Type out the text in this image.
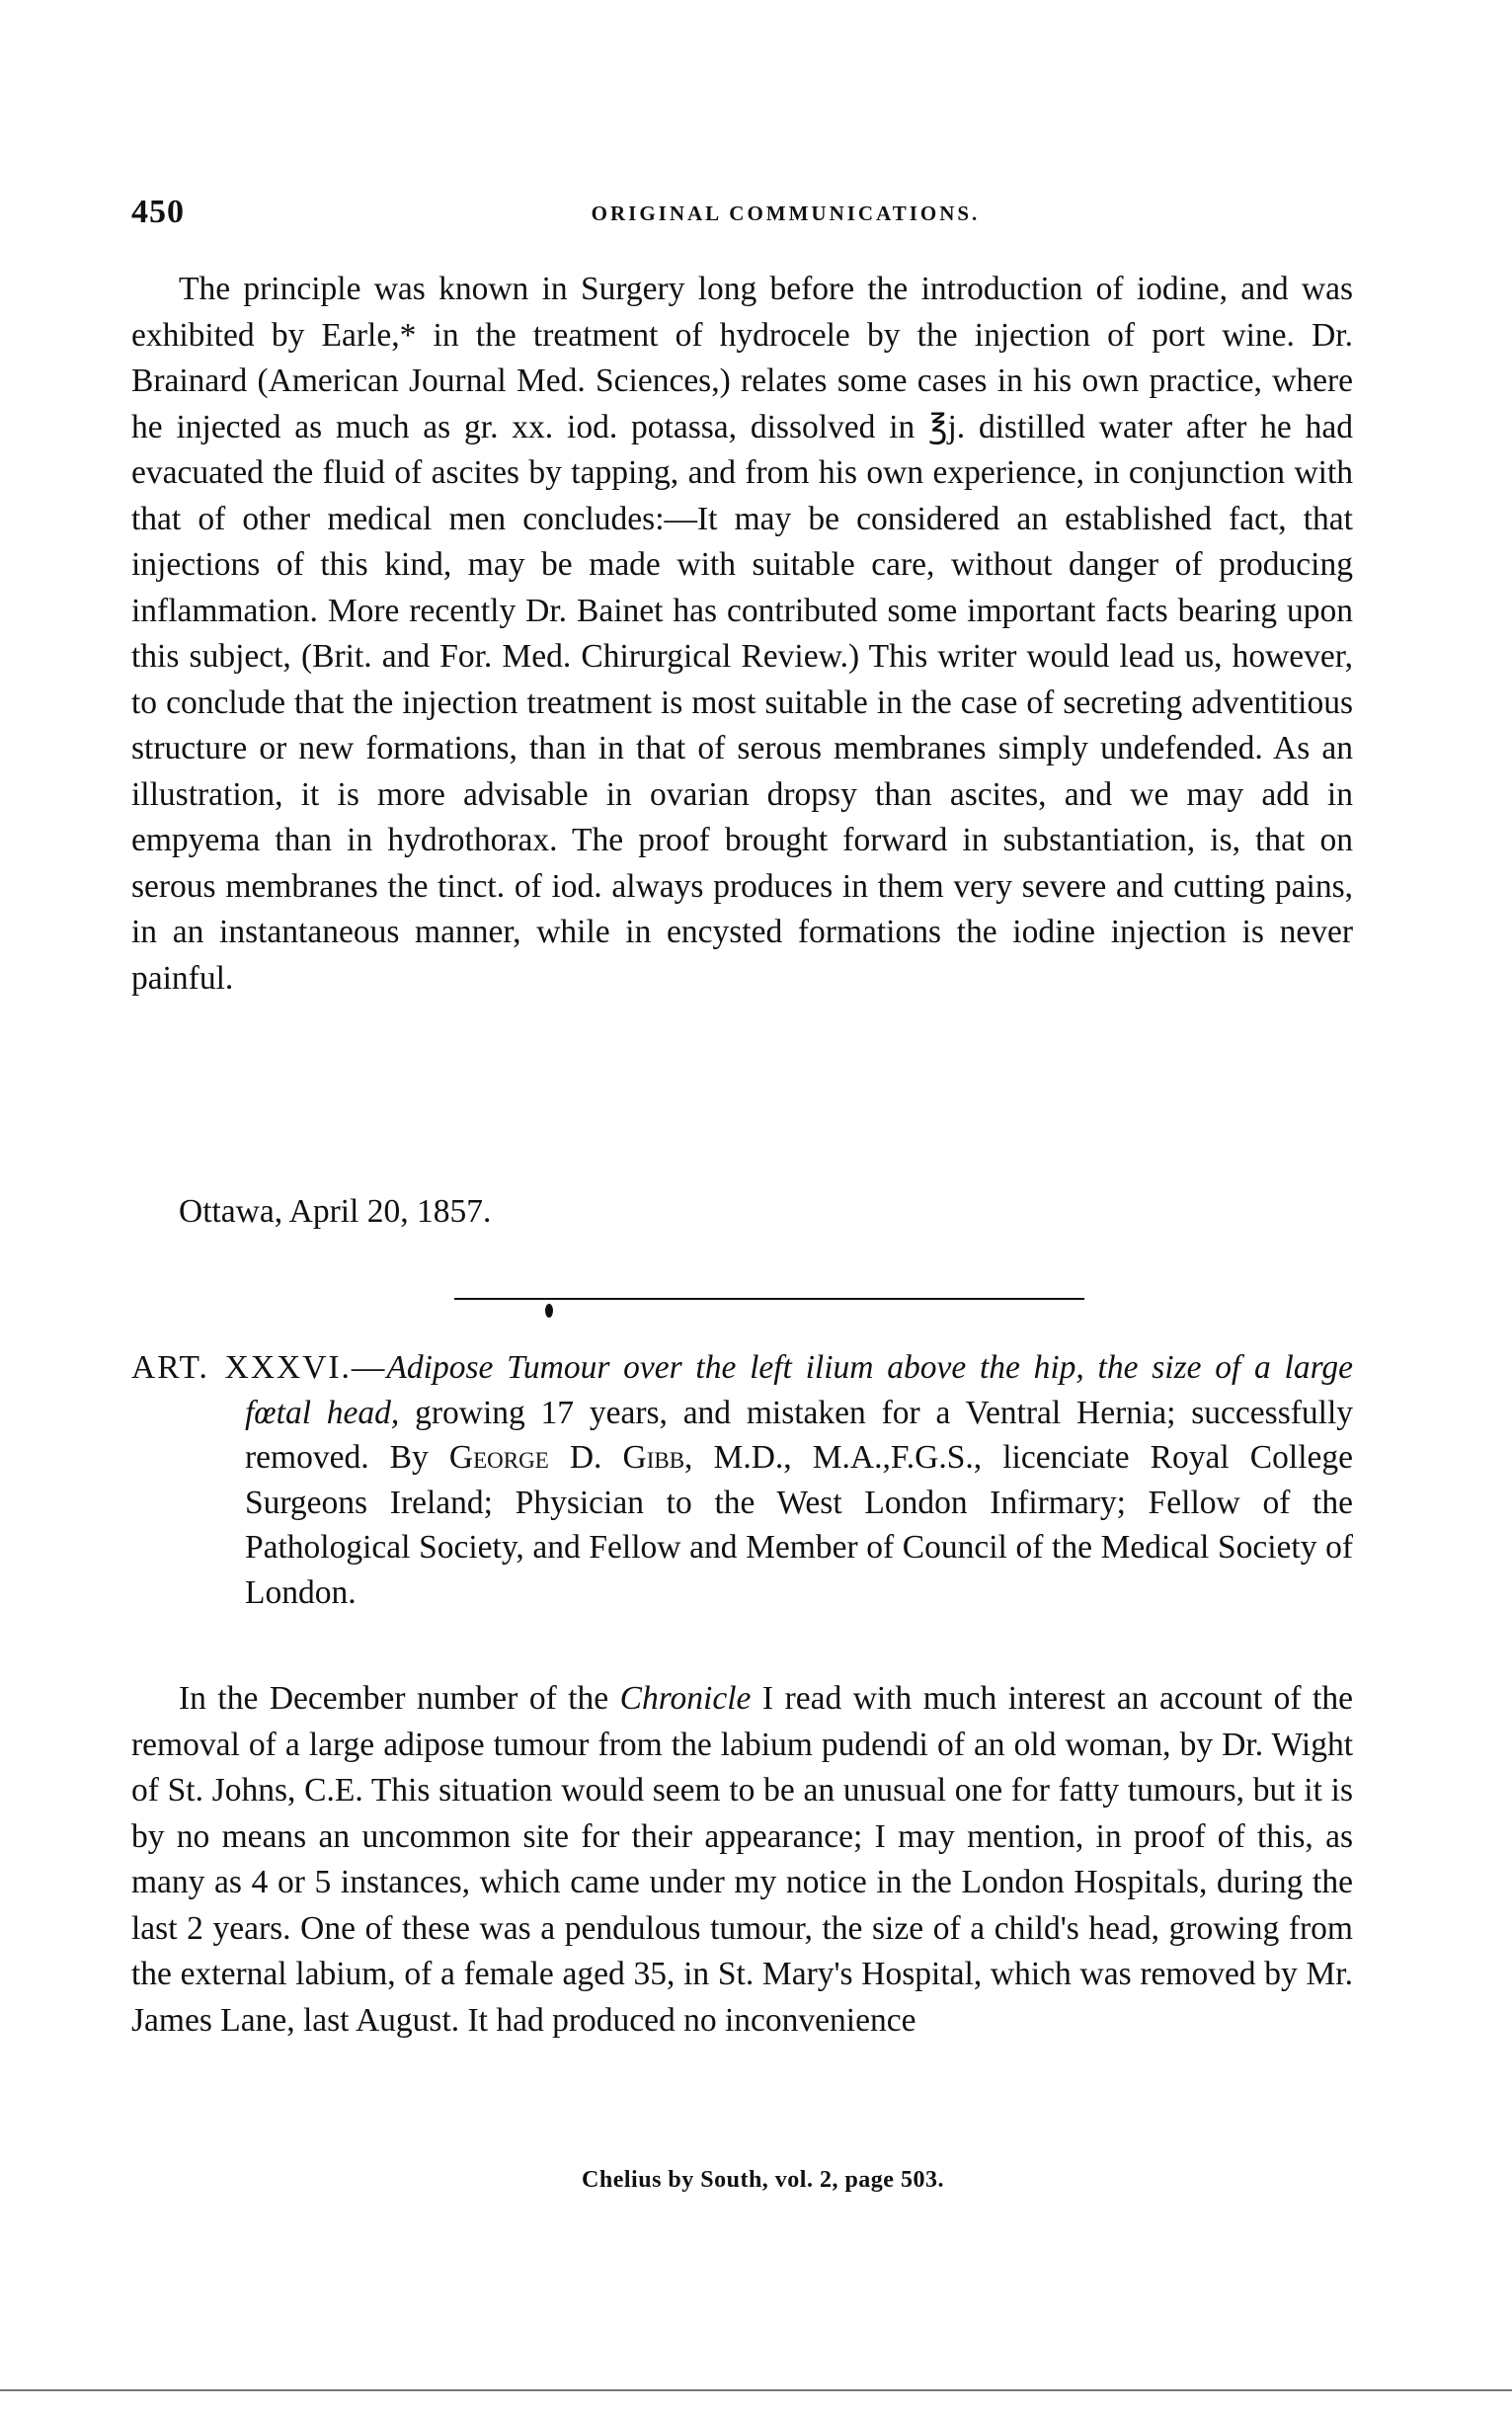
450	ORIGINAL COMMUNICATIONS.

The principle was known in Surgery long before the introduction of iodine, and was exhibited by Earle,* in the treatment of hydrocele by the injection of port wine. Dr. Brainard (American Journal Med. Sciences,) relates some cases in his own practice, where he injected as much as gr. xx. iod. potassa, dissolved in ℥j. distilled water after he had evacuated the fluid of ascites by tapping, and from his own experience, in conjunction with that of other medical men concludes:—It may be considered an established fact, that injections of this kind, may be made with suitable care, without danger of producing inflammation. More recently Dr. Bainet has contributed some important facts bearing upon this subject, (Brit. and For. Med. Chirurgical Review.) This writer would lead us, however, to conclude that the injection treatment is most suitable in the case of secreting adventitious structure or new formations, than in that of serous membranes simply undefended. As an illustration, it is more advisable in ovarian dropsy than ascites, and we may add in empyema than in hydrothorax. The proof brought forward in substantiation, is, that on serous membranes the tinct. of iod. always produces in them very severe and cutting pains, in an instantaneous manner, while in encysted formations the iodine injection is never painful.

Ottawa, April 20, 1857.
ART. XXXVI.—Adipose Tumour over the left ilium above the hip, the size of a large fœtal head, growing 17 years, and mistaken for a Ventral Hernia; successfully removed. By George D. Gibb, M.D., M.A.,F.G.S., licenciate Royal College Surgeons Ireland; Physician to the West London Infirmary; Fellow of the Pathological Society, and Fellow and Member of Council of the Medical Society of London.

In the December number of the Chronicle I read with much interest an account of the removal of a large adipose tumour from the labium pudendi of an old woman, by Dr. Wight of St. Johns, C.E. This situation would seem to be an unusual one for fatty tumours, but it is by no means an uncommon site for their appearance; I may mention, in proof of this, as many as 4 or 5 instances, which came under my notice in the London Hospitals, during the last 2 years. One of these was a pendulous tumour, the size of a child's head, growing from the external labium, of a female aged 35, in St. Mary's Hospital, which was removed by Mr. James Lane, last August. It had produced no inconvenience

Chelius by South, vol. 2, page 503.
